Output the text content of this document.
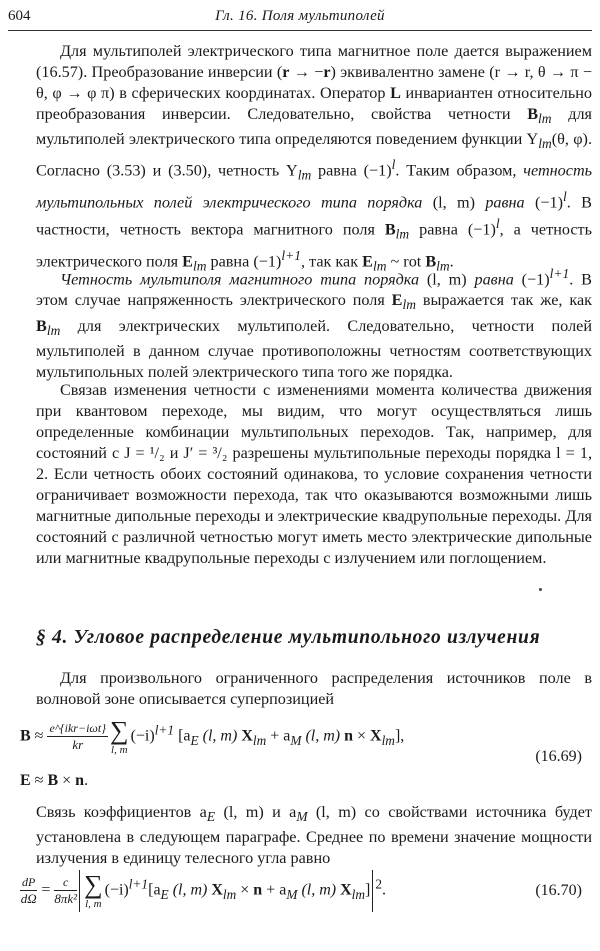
604	Гл. 16. Поля мультиполей

Для мультиполей электрического типа магнитное поле дается выражением (16.57). Преобразование инверсии (r → −r) эквивалентно замене (r → r, θ → π − θ, φ → φ π) в сферических координатах. Оператор L инвариантен относительно преобразования инверсии. Следовательно, свойства четности $B_{lm}$ для мультиполей электрического типа определяются поведением функции $Y_{lm}(\theta$, φ). Согласно (3.53) и (3.50), четность $Y_{lm}$ равна $(-1)^l$. Таким образом, четность мультипольных полей электрического типа порядка (l, m) равна $(-1)^l$. В частности, четность вектора магнитного поля $B_{lm}$ равна $(-1)^l$, а четность электрического поля $E_{lm}$ равна $(-1)^{l+1}$, так как $E_{lm}$ ~ rot $B_{lm}$.

Четность мультиполя магнитного типа порядка (l, m) равна $(-1)^{l+1}$. В этом случае напряженность электрического поля $E_{lm}$ выражается так же, как $B_{lm}$ для электрических мультиполей. Следовательно, четности полей мультиполей в данном случае противоположны четностям соответствующих мультипольных полей электрического типа того же порядка.

Связав изменения четности с изменениями момента количества движения при квантовом переходе, мы видим, что могут осуществляться лишь определенные комбинации мультипольных переходов. Так, например, для состояний с J = ¹/₂ и J′ = ³/₂ разрешены мультипольные переходы порядка l = 1, 2. Если четность обоих состояний одинакова, то условие сохранения четности ограничивает возможности перехода, так что оказываются возможными лишь магнитные дипольные переходы и электрические квадрупольные переходы. Для состояний с различной четностью могут иметь место электрические дипольные или магнитные квадрупольные переходы с излучением или поглощением.

§ 4. Угловое распределение мультипольного излучения

Для произвольного ограниченного распределения источников поле в волновой зоне описывается суперпозицией

$B \approx \frac{\text{e\textasciicircum{}\{ikr−iωt\}}}{kr}$ ∑
l, m
$(-i)^{l+1}$ [$a_E$ (l, m) $X_{lm} + a_M$ (l, m) $n \times X_{lm}$],
(16.69)
E ≈ B × n.

Связь коэффициентов $a_E$ (l, m) и $a_M$ (l, m) со свойствами источника будет установлена в следующем параграфе. Среднее по времени значение мощности излучения в единицу телесного угла равно

$\frac{dP}{d\Omega} = \frac{c}{\text{8πk²}}$ ∑
l, m
$(-i)^{l+1}[a_E$ (l, m) $X_{lm} \times n + a_M$ (l, m) $X_{lm}$] $^2$.	(16.70)
